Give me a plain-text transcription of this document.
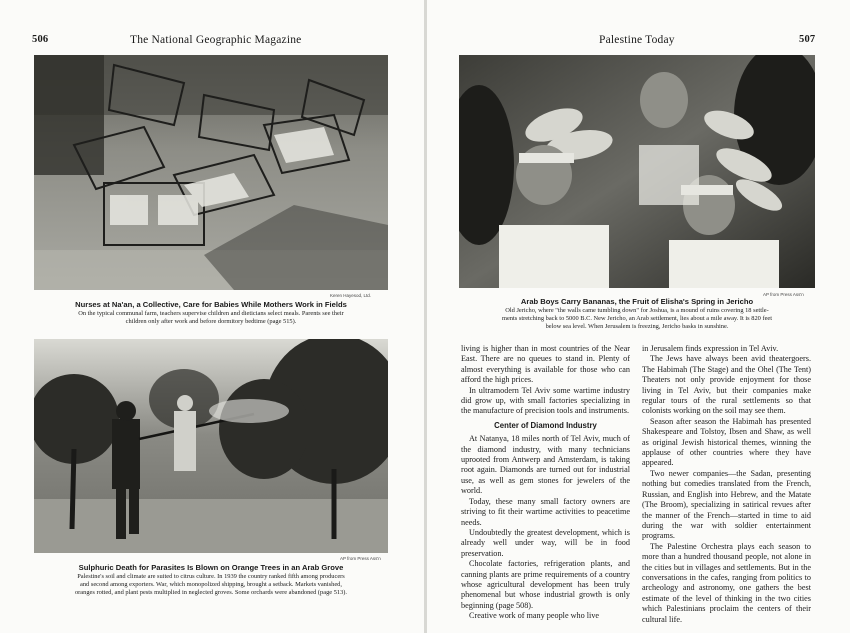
506	The National Geographic Magazine
Keren Hayesod, Ltd.
Nurses at Na'an, a Collective, Care for Babies While Mothers Work in Fields
On the typical communal farm, teachers supervise children and dieticians select meals. Parents see their
children only after work and before dormitory bedtime (page 515).
AP from Press Ass'n
Sulphuric Death for Parasites Is Blown on Orange Trees in an Arab Grove
Palestine's soil and climate are suited to citrus culture. In 1939 the country ranked fifth among producers
and second among exporters. War, which monopolized shipping, brought a setback. Markets vanished,
oranges rotted, and plant pests multiplied in neglected groves. Some orchards were abandoned (page 513).
Palestine Today	507
AP from Press Ass'n
Arab Boys Carry Bananas, the Fruit of Elisha's Spring in Jericho
Old Jericho, where "the walls came tumbling down" for Joshua, is a mound of ruins covering 18 settle-
ments stretching back to 5000 B.C. New Jericho, an Arab settlement, lies about a mile away. It is 820 feet
below sea level. When Jerusalem is freezing, Jericho basks in sunshine.

living is higher than in most countries of the Near East. There are no queues to stand in. Plenty of almost everything is available for those who can afford the high prices.

In ultramodern Tel Aviv some wartime industry did grow up, with small factories specializing in the manufacture of precision tools and instruments.

Center of Diamond Industry

At Natanya, 18 miles north of Tel Aviv, much of the diamond industry, with many technicians uprooted from Antwerp and Amsterdam, is taking root again. Diamonds are turned out for industrial use, as well as gem stones for jewelers of the world.

Today, these many small factory owners are striving to fit their wartime activities to peacetime needs.

Undoubtedly the greatest development, which is already well under way, will be in food preservation.

Chocolate factories, refrigeration plants, and canning plants are prime requirements of a country whose agricultural development has been truly phenomenal but whose industrial growth is only beginning (page 508).

Creative work of many people who live

in Jerusalem finds expression in Tel Aviv.

The Jews have always been avid theatergoers. The Habimah (The Stage) and the Ohel (The Tent) Theaters not only provide enjoyment for those living in Tel Aviv, but their companies make regular tours of the rural settlements so that colonists working on the soil may see them.

Season after season the Habimah has presented Shakespeare and Tolstoy, Ibsen and Shaw, as well as original Jewish historical themes, winning the applause of other countries where they have appeared.

Two newer companies—the Sadan, presenting nothing but comedies translated from the French, Russian, and English into Hebrew, and the Matate (The Broom), specializing in satirical revues after the manner of the French—started in time to aid during the war with soldier entertainment programs.

The Palestine Orchestra plays each season to more than a hundred thousand people, not alone in the cities but in villages and settlements. But in the conversations in the cafes, ranging from politics to archeology and astronomy, one gathers the best estimate of the level of thinking in the two cities which Palestinians proclaim the centers of their cultural life.
